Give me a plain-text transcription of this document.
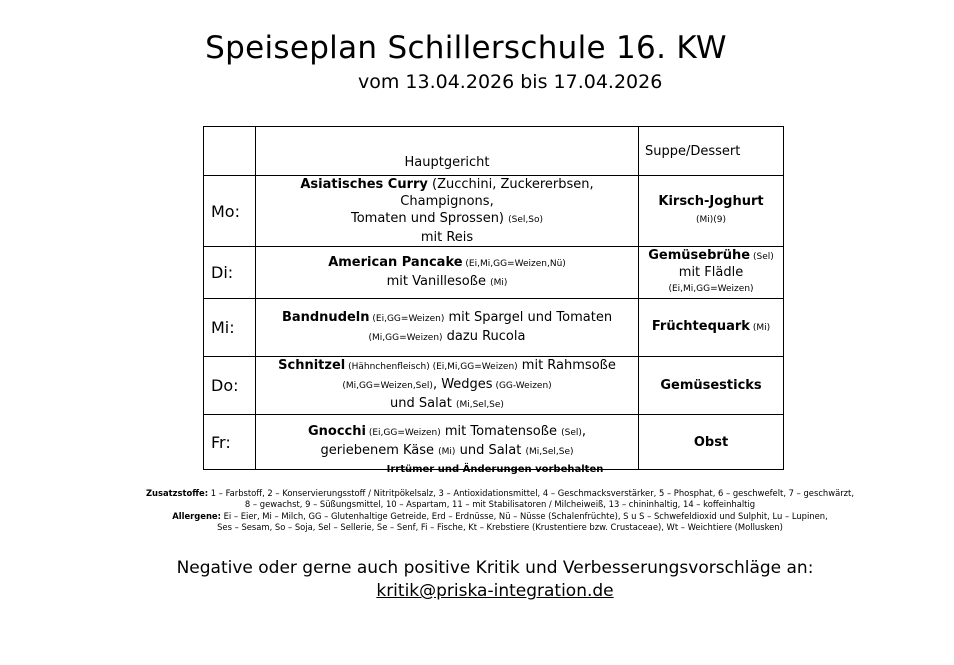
Speiseplan Schillerschule 16. KW
vom 13.04.2026 bis 17.04.2026
	Hauptgericht	Suppe/Dessert
Mo:	Asiatisches Curry (Zucchini, Zuckererbsen, Champignons,
Tomaten und Sprossen) (Sel,So)
mit Reis	Kirsch-Joghurt
(Mi)(9)
Di:	American Pancake (Ei,Mi,GG=Weizen,Nü)
mit Vanillesoße (Mi)	Gemüsebrühe (Sel)
mit Flädle
(Ei,Mi,GG=Weizen)
Mi:	Bandnudeln (Ei,GG=Weizen) mit Spargel und Tomaten
(Mi,GG=Weizen) dazu Rucola	Früchtequark (Mi)
Do:	Schnitzel (Hähnchenfleisch) (Ei,Mi,GG=Weizen) mit Rahmsoße
(Mi,GG=Weizen,Sel), Wedges (GG-Weizen)
und Salat (Mi,Sel,Se)	Gemüsesticks
Fr:	Gnocchi (Ei,GG=Weizen) mit Tomatensoße (Sel),
geriebenem Käse (Mi) und Salat (Mi,Sel,Se)	Obst
Irrtümer und Änderungen vorbehalten
Zusatzstoffe: 1 – Farbstoff, 2 – Konservierungsstoff / Nitritpökelsalz, 3 – Antioxidationsmittel, 4 – Geschmacksverstärker, 5 – Phosphat, 6 – geschwefelt, 7 – geschwärzt,
8 – gewachst, 9 – Süßungsmittel, 10 – Aspartam, 11 – mit Stabilisatoren / Milcheiweiß, 13 – chininhaltig, 14 – koffeinhaltig
Allergene: Ei – Eier, Mi – Milch, GG – Glutenhaltige Getreide, Erd – Erdnüsse, Nü – Nüsse (Schalenfrüchte), S u S – Schwefeldioxid und Sulphit, Lu – Lupinen,
Ses – Sesam, So – Soja, Sel – Sellerie, Se – Senf, Fi – Fische, Kt – Krebstiere (Krustentiere bzw. Crustaceae), Wt – Weichtiere (Mollusken)
Negative oder gerne auch positive Kritik und Verbesserungsvorschläge an:
kritik@priska-integration.de
